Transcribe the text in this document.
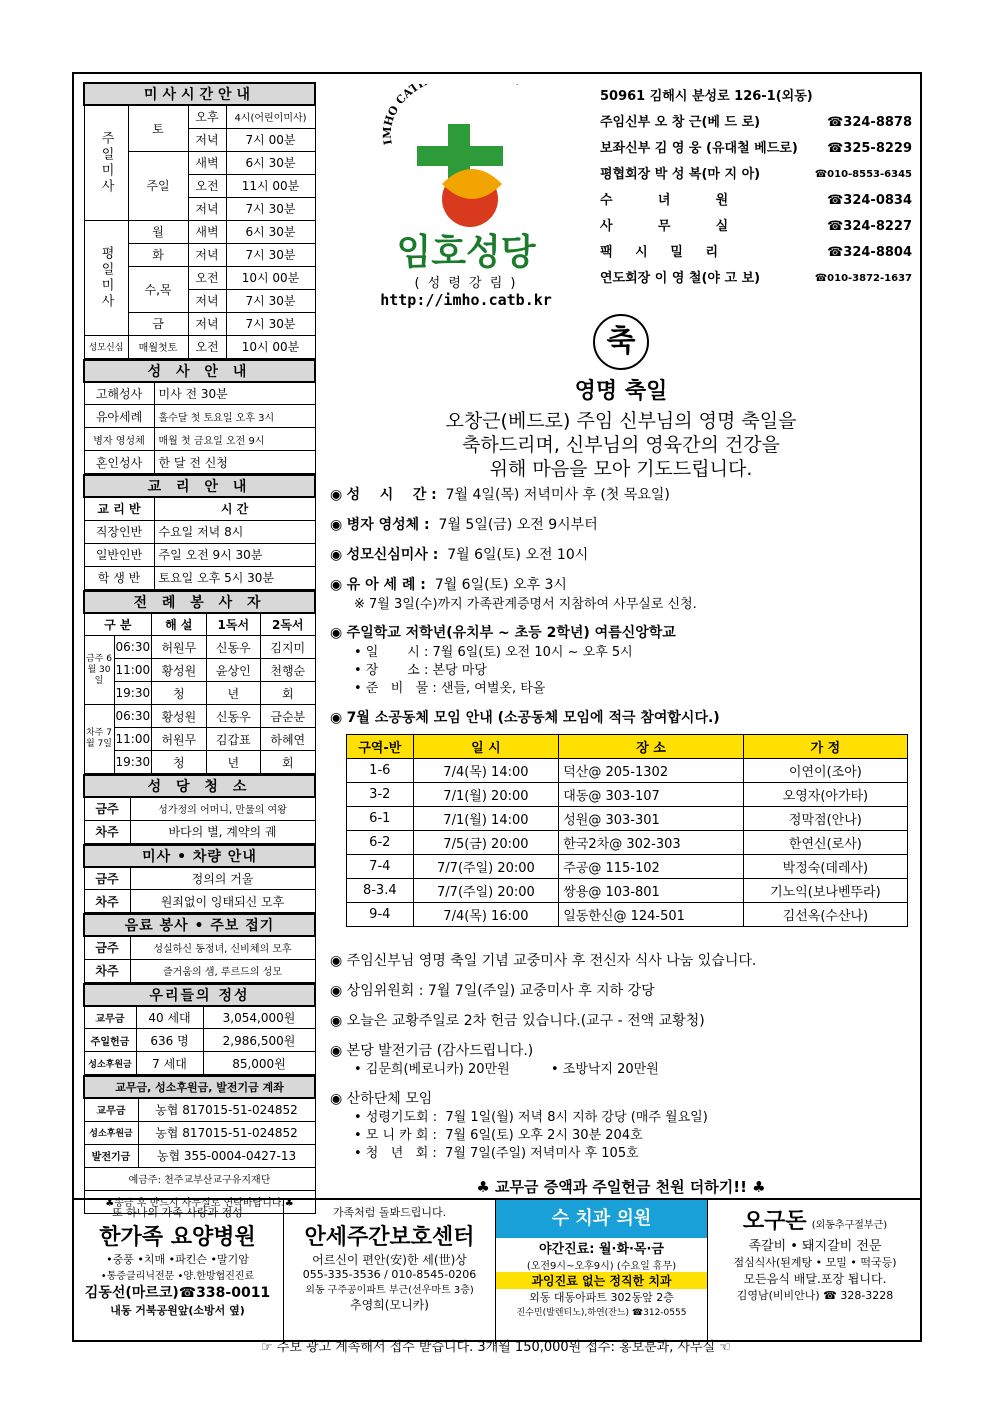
미사시간안내			
주일미사	토	오후	4시(어린이미사)
		저녁	7시 00분
	주일	새벽	6시 30분
		오전	11시 00분
		저녁	7시 30분
평일미사	월	새벽	6시 30분
	화	저녁	7시 30분
	수,목	오전	10시 00분
		저녁	7시 30분
	금	저녁	7시 30분
성모신심	매월첫토	오전	10시 00분
성 사 안 내	
고해성사	미사 전 30분
유아세례	홀수달 첫 토요일 오후 3시
병자 영성체	매월 첫 금요일 오전 9시
혼인성사	한 달 전 신청
교 리 안 내	
교 리 반	시 간
직장인반	수요일 저녁 8시
일반인반	주일 오전 9시 30분
학 생 반	토요일 오후 5시 30분
전 례 봉 사 자				
구 분		해 설	1독서	2독서
금주 6월 30일	06:30	허원무	신동우	김지미
	11:00	황성원	윤상인	천행순
	19:30	청	년	회
차주 7월 7일	06:30	황성원	신동우	금순분
	11:00	허원무	김갑표	하혜연
	19:30	청	년	회
성 당 청 소	
금주	성가정의 어머니, 만물의 여왕
차주	바다의 별, 계약의 궤
미사 • 차량 안내	
금주	정의의 거울
차주	원죄없이 잉태되신 모후
음료 봉사 • 주보 접기	
금주	성실하신 동정녀, 신비체의 모후
차주	즐거움의 샘, 루르드의 성모
우리들의 정성		
교무금	40 세대	3,054,000원
주일헌금	636 명	2,986,500원
성소후원금	7 세대	85,000원
교무금, 성소후원금, 발전기금 계좌	
교무금	농협 817015-51-024852
성소후원금	농협 817015-51-024852
발전기금	농협 355-0004-0427-13
예금주: 천주교부산교구유지재단	
♣송금 후 반드시 사무실로 연락바랍니다.♣	
IMHO CAT
임호성당
( 성 령 강 림 )
http://imho.catb.kr
50961 김해시 분성로 126-1(외동)
주임신부 오 창 근(베 드 로)	☎324-8878
보좌신부 김 영 웅 (유대철 베드로) ☎325-8229
평협회장 박 성 복(마 지 아)	☎010-8553-6345
수          녀          원	☎324-0834
사          무          실	☎324-8227
팩     시     밀     리	☎324-8804
연도회장 이 영 철(야 고 보)	☎010-3872-1637
축
영명 축일
오창근(베드로) 주임 신부님의 영명 축일을
축하드리며, 신부님의 영육간의 건강을
위해 마음을 모아 기도드립니다.
◉ 성    시    간 : 7월 4일(목) 저녁미사 후 (첫 목요일)
◉ 병자 영성체 : 7월 5일(금) 오전 9시부터
◉ 성모신심미사 : 7월 6일(토) 오전 10시
◉ 유 아 세 례 : 7월 6일(토) 오후 3시
※ 7월 3일(수)까지 가족관계증명서 지참하여 사무실로 신청.
◉ 주일학교 저학년(유치부 ~ 초등 2학년) 여름신앙학교
• 일       시 : 7월 6일(토) 오전 10시 ~ 오후 5시
• 장       소 : 본당 마당
• 준   비   물 : 샌들, 여벌옷, 타올
◉ 7월 소공동체 모임 안내 (소공동체 모임에 적극 참여합시다.)
구역-반	일 시	장 소	가 정
1-6	7/4(목) 14:00	덕산@ 205-1302	이연이(조아)
3-2	7/1(월) 20:00	대동@ 303-107	오영자(아가타)
6-1	7/1(월) 14:00	성원@ 303-301	정막점(안나)
6-2	7/5(금) 20:00	한국2차@ 302-303	한연신(로사)
7-4	7/7(주일) 20:00	주공@ 115-102	박정숙(데레사)
8-3.4	7/7(주일) 20:00	쌍용@ 103-801	기노익(보나벤뚜라)
9-4	7/4(목) 16:00	일동한신@ 124-501	김선옥(수산나)
◉ 주임신부님 영명 축일 기념 교중미사 후 전신자 식사 나눔 있습니다.
◉ 상임위원회 : 7월 7일(주일) 교중미사 후 지하 강당
◉ 오늘은 교황주일로 2차 헌금 있습니다.(교구 - 전액 교황청)
◉ 본당 발전기금 (감사드립니다.)
• 김문희(베로니카) 20만원          • 조방낙지 20만원
◉ 산하단체 모임
• 성령기도회 :  7월 1일(월) 저녁 8시 지하 강당 (매주 월요일)
• 모 니 카 회 :  7월 6일(토) 오후 2시 30분 204호
• 청   년   회 :  7월 7일(주일) 저녁미사 후 105호
♣ 교무금 증액과 주일헌금 천원 더하기!! ♣
또 하나의 가족 사랑과 정성
한가족 요양병원
•중풍 •치매 •파킨슨 •말기암
•통증클리닉전문 •양.한방협진진료
김동선(마르코)☎338-0011
내동 거북공원앞(소방서 옆)
가족처럼 돌봐드립니다.
안세주간보호센터
어르신이 편안(安)한 세(世)상
055-335-3536 / 010-8545-0206
외동 구주공이파트 부근(선우마트 3층)
추영희(모니카)
수 치과 의원
야간진료: 월·화·목·금
(오전9시~오후9시) (수요일 휴무)
과잉진료 없는 정직한 치과
외동 대동아파트 302동앞 2층
진수민(발렌티노),하연(잔느) ☎312-0555
오구돈 (외동추구절부근)
족갈비 • 돼지갈비 전문
점심식사(된계탕 • 모밀 • 떡국등)
모든음식 배달.포장 됩니다.
김영남(비비안나) ☎ 328-3228
☞ 주보 광고 계속해서 접수 받습니다. 3개월 150,000원 접수: 홍보분과, 사무실 ☜
